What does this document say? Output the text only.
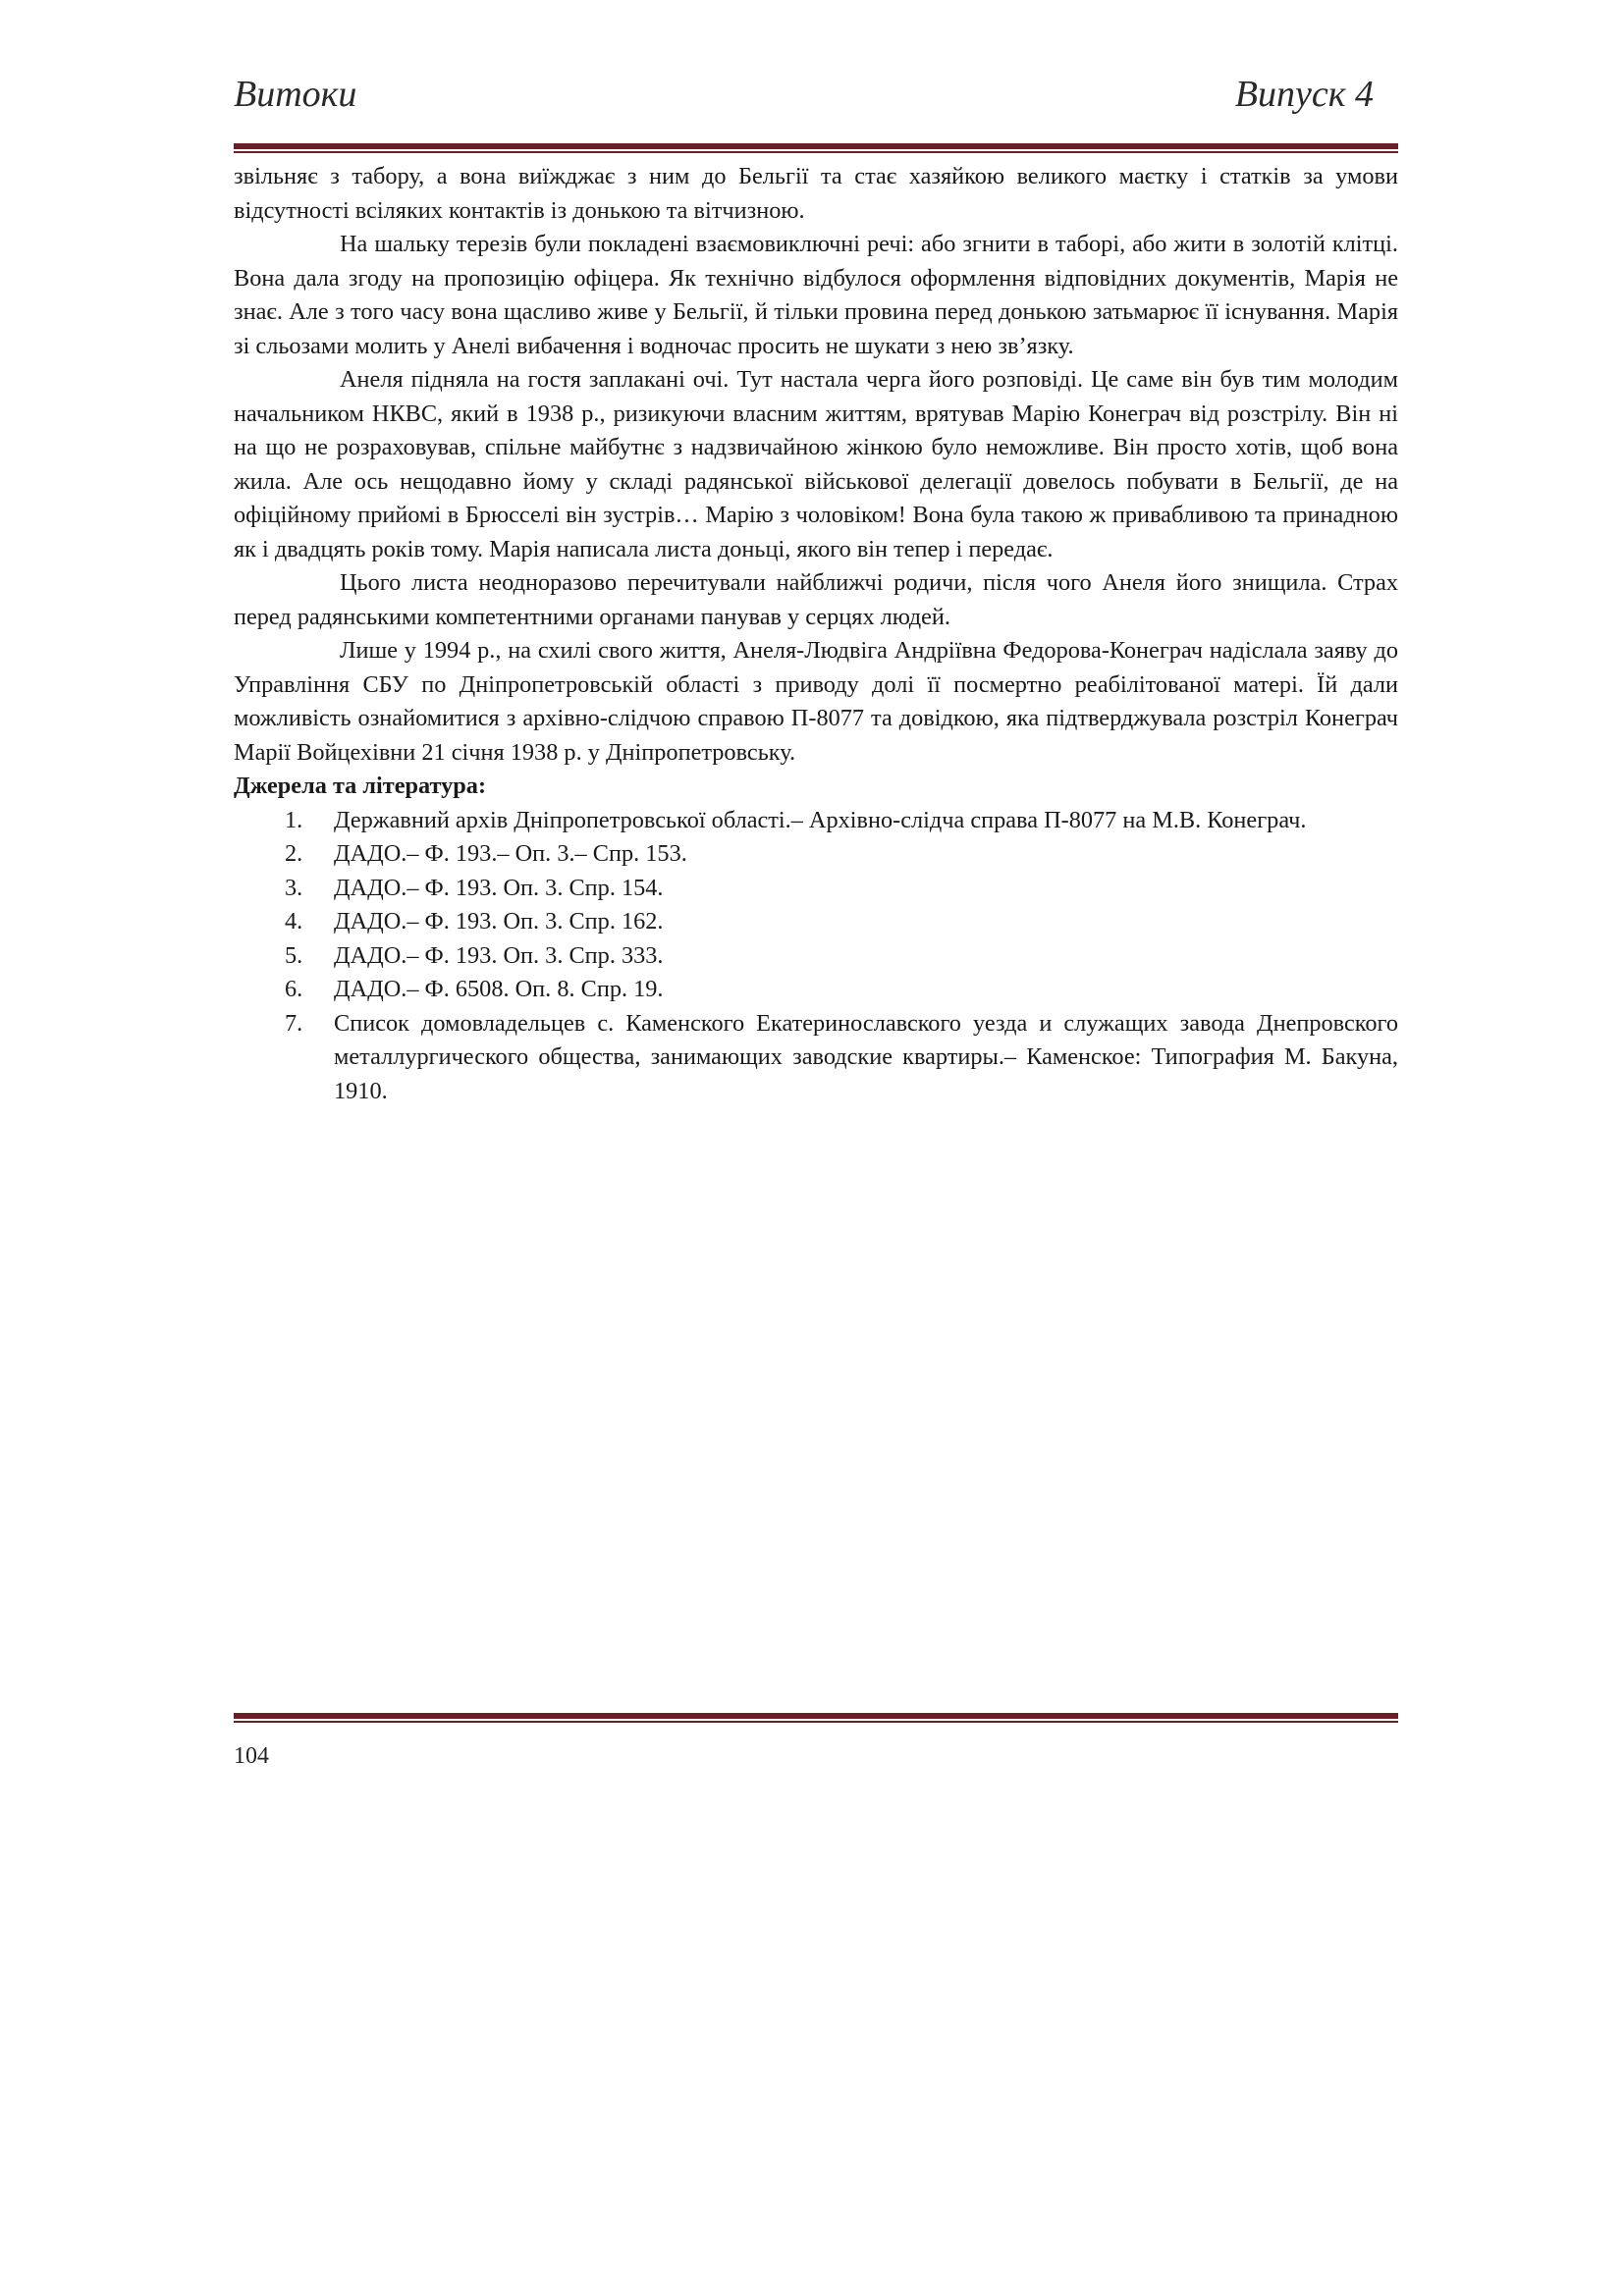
Витоки	Випуск 4

звільняє з табору, а вона виїжджає з ним до Бельгії та стає хазяйкою великого маєтку і статків за умови відсутності всіляких контактів із донькою та вітчизною.

На шальку терезів були покладені взаємовиключні речі: або згнити в таборі, або жити в золотій клітці. Вона дала згоду на пропозицію офіцера. Як технічно відбулося оформлення відповідних документів, Марія не знає. Але з того часу вона щасливо живе у Бельгії, й тільки провина перед донькою затьмарює її існування. Марія зі сльозами молить у Анелі вибачення і водночас просить не шукати з нею зв’язку.

Анеля підняла на гостя заплакані очі. Тут настала черга його розповіді. Це саме він був тим молодим начальником НКВС, який в 1938 р., ризикуючи власним життям, врятував Марію Конеграч від розстрілу. Він ні на що не розраховував, спільне майбутнє з надзвичайною жінкою було неможливе. Він просто хотів, щоб вона жила. Але ось нещодавно йому у складі радянської військової делегації довелось побувати в Бельгії, де на офіційному прийомі в Брюсселі він зустрів… Марію з чоловіком! Вона була такою ж привабливою та принадною як і двадцять років тому. Марія написала листа доньці, якого він тепер і передає.

Цього листа неодноразово перечитували найближчі родичи, після чого Анеля його знищила. Страх перед радянськими компетентними органами панував у серцях людей.

Лише у 1994 р., на схилі свого життя, Анеля-Людвіга Андріївна Федорова-Конеграч надіслала заяву до Управління СБУ по Дніпропетровській області з приводу долі її посмертно реабілітованої матері. Їй дали можливість ознайомитися з архівно-слідчою справою П-8077 та довідкою, яка підтверджувала розстріл Конеграч Марії Войцехівни 21 січня 1938 р. у Дніпропетровську.

Джерела та література:

1. Державний архів Дніпропетровської області.– Архівно-слідча справа П-8077 на М.В. Конеграч.
2. ДАДО.– Ф. 193.– Оп. 3.– Спр. 153.
3. ДАДО.– Ф. 193. Оп. 3. Спр. 154.
4. ДАДО.– Ф. 193. Оп. 3. Спр. 162.
5. ДАДО.– Ф. 193. Оп. 3. Спр. 333.
6. ДАДО.– Ф. 6508. Оп. 8. Спр. 19.
7. Список домовладельцев с. Каменского Екатеринославского уезда и служащих завода Днепровского металлургического общества, занимающих заводские квартиры.– Каменское: Типография М. Бакуна, 1910.
104
